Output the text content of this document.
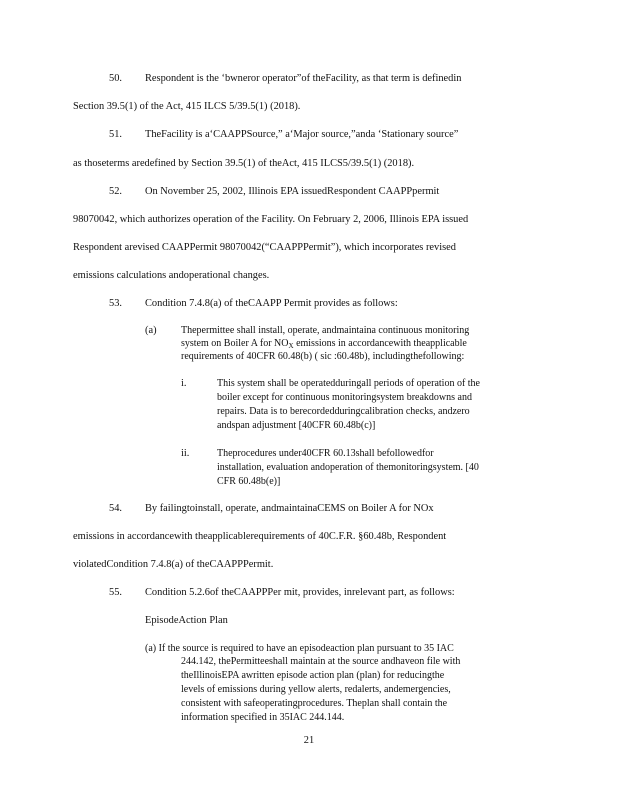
50. Respondent is the ‘bwneror operator”of theFacility, as that term is definedin
Section 39.5(1) of the Act, 415 ILCS 5/39.5(1) (2018).
51. TheFacility is a‘CAAPPSource,” a‘Major source,”anda ‘Stationary source”
as thoseterms aredefined by Section 39.5(1) of theAct, 415 ILCS5/39.5(1) (2018).
52. On November 25, 2002, Illinois EPA issuedRespondent CAAPPpermit
98070042, which authorizes operation of the Facility. On February 2, 2006, Illinois EPA issued
Respondent arevised CAAPPermit 98070042(“CAAPPPermit”), which incorporates revised
emissions calculations andoperational changes.
53. Condition 7.4.8(a) of theCAAPP Permit provides as follows:
(a) Thepermittee shall install, operate, andmaintaina continuous monitoring
system on Boiler A for $NO_X$ emissions in accordancewith theapplicable
requirements of 40CFR 60.48(b) ( sic :60.48b), includingthefollowing:
i.	This system shall be operatedduringall periods of operation of the
boiler except for continuous monitoringsystem breakdowns and
repairs. Data is to berecordedduringcalibration checks, andzero
andspan adjustment [40CFR 60.48b(c)]
ii.	Theprocedures under40CFR 60.13shall befollowedfor
installation, evaluation andoperation of themonitoringsystem. [40
CFR 60.48b(e)]
54. By failingtoinstall, operate, andmaintainaCEMS on Boiler A for NOx
emissions in accordancewith theapplicablerequirements of 40C.F.R. §60.48b, Respondent
violatedCondition 7.4.8(a) of theCAAPPPermit.
55. Condition 5.2.6of theCAAPPPer mit, provides, inrelevant part, as follows:
EpisodeAction Plan
(a) If the source is required to have an episodeaction plan pursuant to 35 IAC
244.142, thePermitteeshall maintain at the source andhaveon file with
theIllinoisEPA awritten episode action plan (plan) for reducingthe
levels of emissions during yellow alerts, redalerts, andemergencies,
consistent with safeoperatingprocedures. Theplan shall contain the
information specified in 35IAC 244.144.
21
